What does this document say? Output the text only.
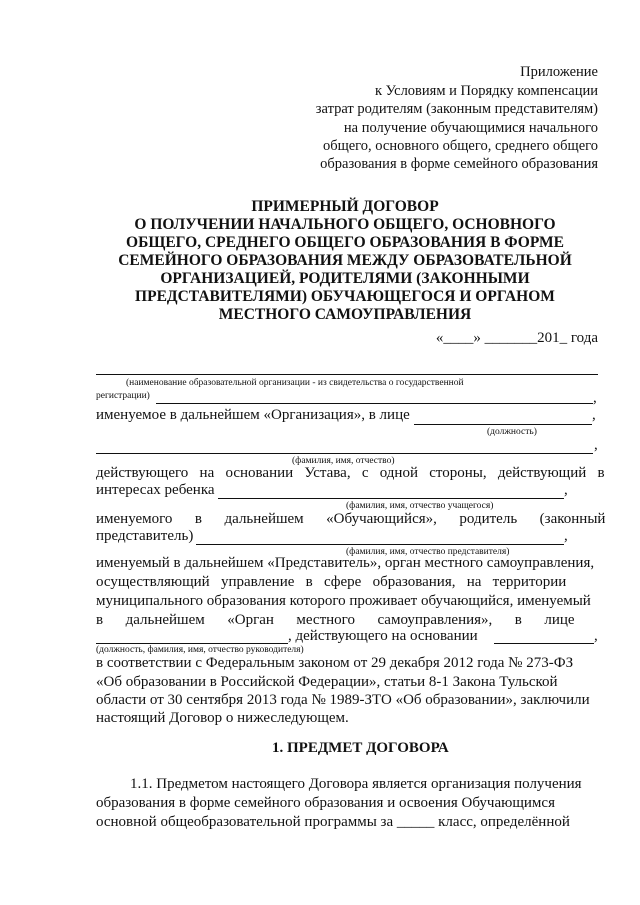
Приложение
к Условиям и Порядку компенсации
затрат родителям (законным представителям)
на получение обучающимися начального
общего, основного общего, среднего общего
образования в форме семейного образования
ПРИМЕРНЫЙ ДОГОВОР
О ПОЛУЧЕНИИ НАЧАЛЬНОГО ОБЩЕГО, ОСНОВНОГО
ОБЩЕГО, СРЕДНЕГО ОБЩЕГО ОБРАЗОВАНИЯ В ФОРМЕ
СЕМЕЙНОГО ОБРАЗОВАНИЯ МЕЖДУ ОБРАЗОВАТЕЛЬНОЙ
ОРГАНИЗАЦИЕЙ, РОДИТЕЛЯМИ (ЗАКОННЫМИ
ПРЕДСТАВИТЕЛЯМИ) ОБУЧАЮЩЕГОСЯ И ОРГАНОМ
МЕСТНОГО САМОУПРАВЛЕНИЯ
«____» _______201_ года
(наименование образовательной организации - из свидетельства о государственной
регистрации)	,
именуемое в дальнейшем «Организация», в лице	,
(должность)
,
(фамилия, имя, отчество)
действующего   на   основании   Устава,   с   одной   стороны,   действующий   в
интересах ребенка	,
(фамилия, имя, отчество учащегося)
именуемого      в      дальнейшем      «Обучающийся»,      родитель      (законный
представитель)	,
(фамилия, имя, отчество представителя)
именуемый в дальнейшем «Представитель», орган местного самоуправления,
осуществляющий   управление   в   сфере   образования,   на   территории
муниципального образования которого проживает обучающийся, именуемый
в      дальнейшем      «Орган      местного      самоуправления»,      в      лице
, действующего на основании	,
(должность, фамилия, имя, отчество руководителя)
в соответствии с Федеральным законом от 29 декабря 2012 года № 273-ФЗ
«Об образовании в Российской Федерации», статьи 8-1 Закона Тульской
области от 30 сентября 2013 года № 1989-ЗТО «Об образовании», заключили
настоящий Договор о нижеследующем.
1. ПРЕДМЕТ ДОГОВОРА
1.1. Предметом настоящего Договора является организация получения
образования в форме семейного образования и освоения Обучающимся
основной общеобразовательной программы за _____ класс, определённой
